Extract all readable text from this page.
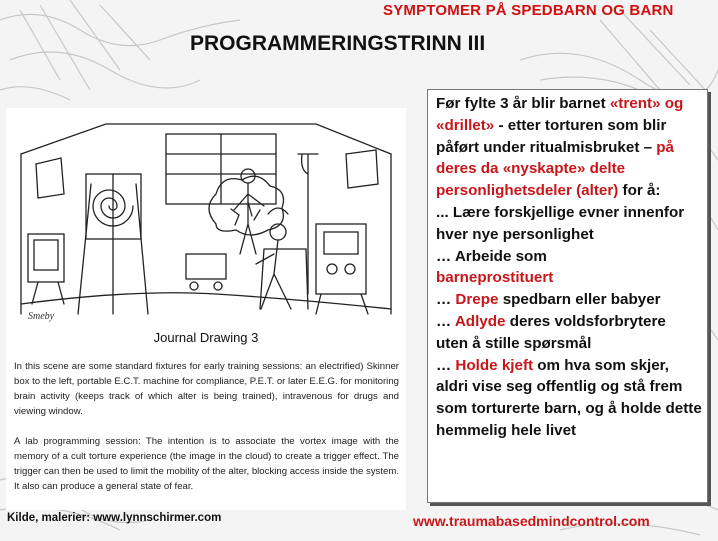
SYMPTOMER PÅ SPEDBARN OG BARN
PROGRAMMERINGSTRINN III
Smeby
Journal Drawing 3

In this scene are some standard fixtures for early training sessions: an electrified) Skinner box to the left, portable E.C.T. machine for compliance, P.E.T. or later E.E.G. for monitoring brain activity (keeps track of which alter is being trained), intravenous for drugs and viewing window.

A lab programming session: The intention is to associate the vortex image with the memory of a cult torture experience (the image in the cloud) to create a trigger effect. The trigger can then be used to limit the mobility of the alter, blocking access inside the system. It also can produce a general state of fear.

Kilde, malerier: www.lynnschirmer.com
Før fylte 3 år blir barnet «trent» og «drillet» - etter torturen som blir påført under ritualmisbruket – på deres da «nyskapte» delte personlighetsdeler (alter) for å:
... Lære forskjellige evner innenfor hver nye personlighet
… Arbeide som
barneprostituert
… Drepe spedbarn eller babyer
… Adlyde deres voldsforbrytere uten å stille spørsmål
… Holde kjeft om hva som skjer, aldri vise seg offentlig og stå frem som torturerte barn, og å holde dette hemmelig hele livet
www.traumabasedmindcontrol.com
